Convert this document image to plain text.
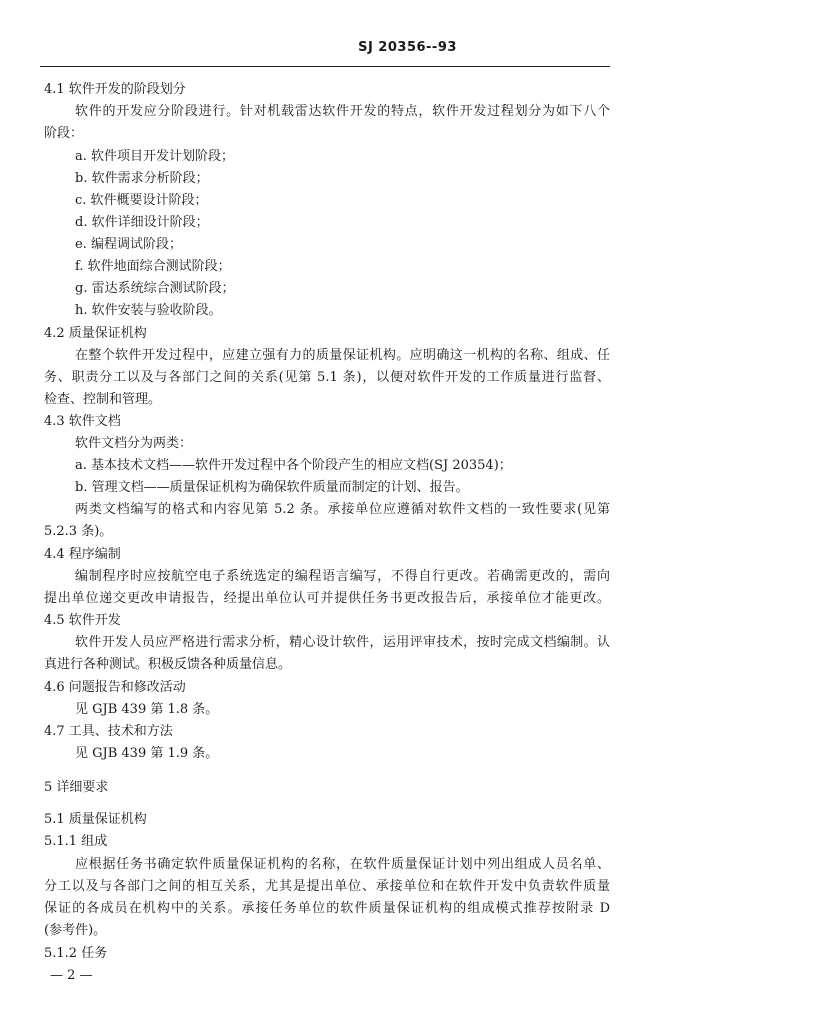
SJ 20356--93
4.1 软件开发的阶段划分
软件的开发应分阶段进行。针对机载雷达软件开发的特点，软件开发过程划分为如下八个
阶段：
a. 软件项目开发计划阶段；
b. 软件需求分析阶段；
c. 软件概要设计阶段；
d. 软件详细设计阶段；
e. 编程调试阶段；
f. 软件地面综合测试阶段；
g. 雷达系统综合测试阶段；
h. 软件安装与验收阶段。
4.2 质量保证机构
在整个软件开发过程中，应建立强有力的质量保证机构。应明确这一机构的名称、组成、任
务、职责分工以及与各部门之间的关系(见第 5.1 条)，以便对软件开发的工作质量进行监督、
检查、控制和管理。
4.3 软件文档
软件文档分为两类：
a. 基本技术文档——软件开发过程中各个阶段产生的相应文档(SJ 20354)；
b. 管理文档——质量保证机构为确保软件质量而制定的计划、报告。
两类文档编写的格式和内容见第 5.2 条。承接单位应遵循对软件文档的一致性要求(见第
5.2.3 条)。
4.4 程序编制
编制程序时应按航空电子系统选定的编程语言编写，不得自行更改。若确需更改的，需向
提出单位递交更改申请报告，经提出单位认可并提供任务书更改报告后，承接单位才能更改。
4.5 软件开发
软件开发人员应严格进行需求分析，精心设计软件，运用评审技术，按时完成文档编制。认
真进行各种测试。积极反馈各种质量信息。
4.6 问题报告和修改活动
见 GJB 439 第 1.8 条。
4.7 工具、技术和方法
见 GJB 439 第 1.9 条。
5 详细要求
5.1 质量保证机构
5.1.1 组成
应根据任务书确定软件质量保证机构的名称，在软件质量保证计划中列出组成人员名单、
分工以及与各部门之间的相互关系，尤其是提出单位、承接单位和在软件开发中负责软件质量
保证的各成员在机构中的关系。承接任务单位的软件质量保证机构的组成模式推荐按附录 D
(参考件)。
5.1.2 任务
— 2 —
